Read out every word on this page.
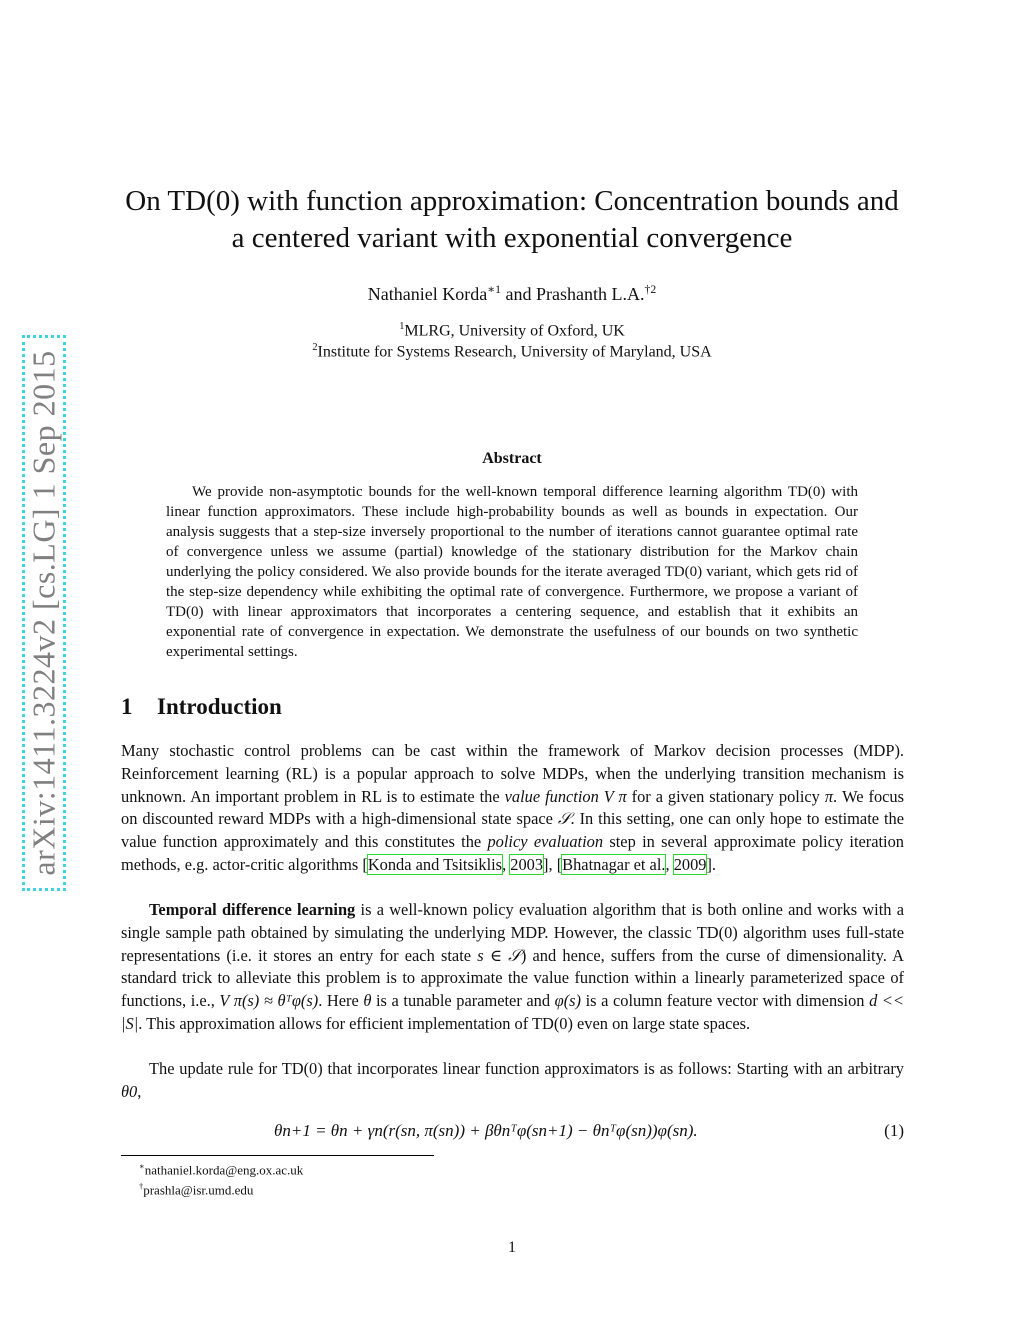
arXiv:1411.3224v2 [cs.LG] 1 Sep 2015
On TD(0) with function approximation: Concentration bounds and
a centered variant with exponential convergence
Nathaniel Korda$^{∗1}$ and Prashanth L.A.$^{\dagger 2}$
$^1$MLRG, University of Oxford, UK
$^2$Institute for Systems Research, University of Maryland, USA
Abstract

We provide non-asymptotic bounds for the well-known temporal difference learning algorithm TD(0) with linear function approximators. These include high-probability bounds as well as bounds in expectation. Our analysis suggests that a step-size inversely proportional to the number of iterations cannot guarantee optimal rate of convergence unless we assume (partial) knowledge of the stationary distribution for the Markov chain underlying the policy considered. We also provide bounds for the iterate averaged TD(0) variant, which gets rid of the step-size dependency while exhibiting the optimal rate of convergence. Furthermore, we propose a variant of TD(0) with linear approximators that incorporates a centering sequence, and establish that it exhibits an exponential rate of convergence in expectation. We demonstrate the usefulness of our bounds on two synthetic experimental settings.

1 Introduction

Many stochastic control problems can be cast within the framework of Markov decision processes (MDP). Reinforcement learning (RL) is a popular approach to solve MDPs, when the underlying transition mechanism is unknown. An important problem in RL is to estimate the value function V π for a given stationary policy π. We focus on discounted reward MDPs with a high-dimensional state space 𝒮. In this setting, one can only hope to estimate the value function approximately and this constitutes the policy evaluation step in several approximate policy iteration methods, e.g. actor-critic algorithms [Konda and Tsitsiklis, 2003], [Bhatnagar et al., 2009].

Temporal difference learning is a well-known policy evaluation algorithm that is both online and works with a single sample path obtained by simulating the underlying MDP. However, the classic TD(0) algorithm uses full-state representations (i.e. it stores an entry for each state s ∈ 𝒮) and hence, suffers from the curse of dimensionality. A standard trick to alleviate this problem is to approximate the value function within a linearly parameterized space of functions, i.e., V π(s) ≈ θᵀφ(s). Here θ is a tunable parameter and φ(s) is a column feature vector with dimension d << |S|. This approximation allows for efficient implementation of TD(0) even on large state spaces.

The update rule for TD(0) that incorporates linear function approximators is as follows: Starting with an arbitrary θ0,

θn+1 = θn + γn(r(sn, π(sn)) + βθnᵀφ(sn+1) − θnᵀφ(sn))φ(sn).	(1)
∗nathaniel.korda@eng.ox.ac.uk
†prashla@isr.umd.edu
1
